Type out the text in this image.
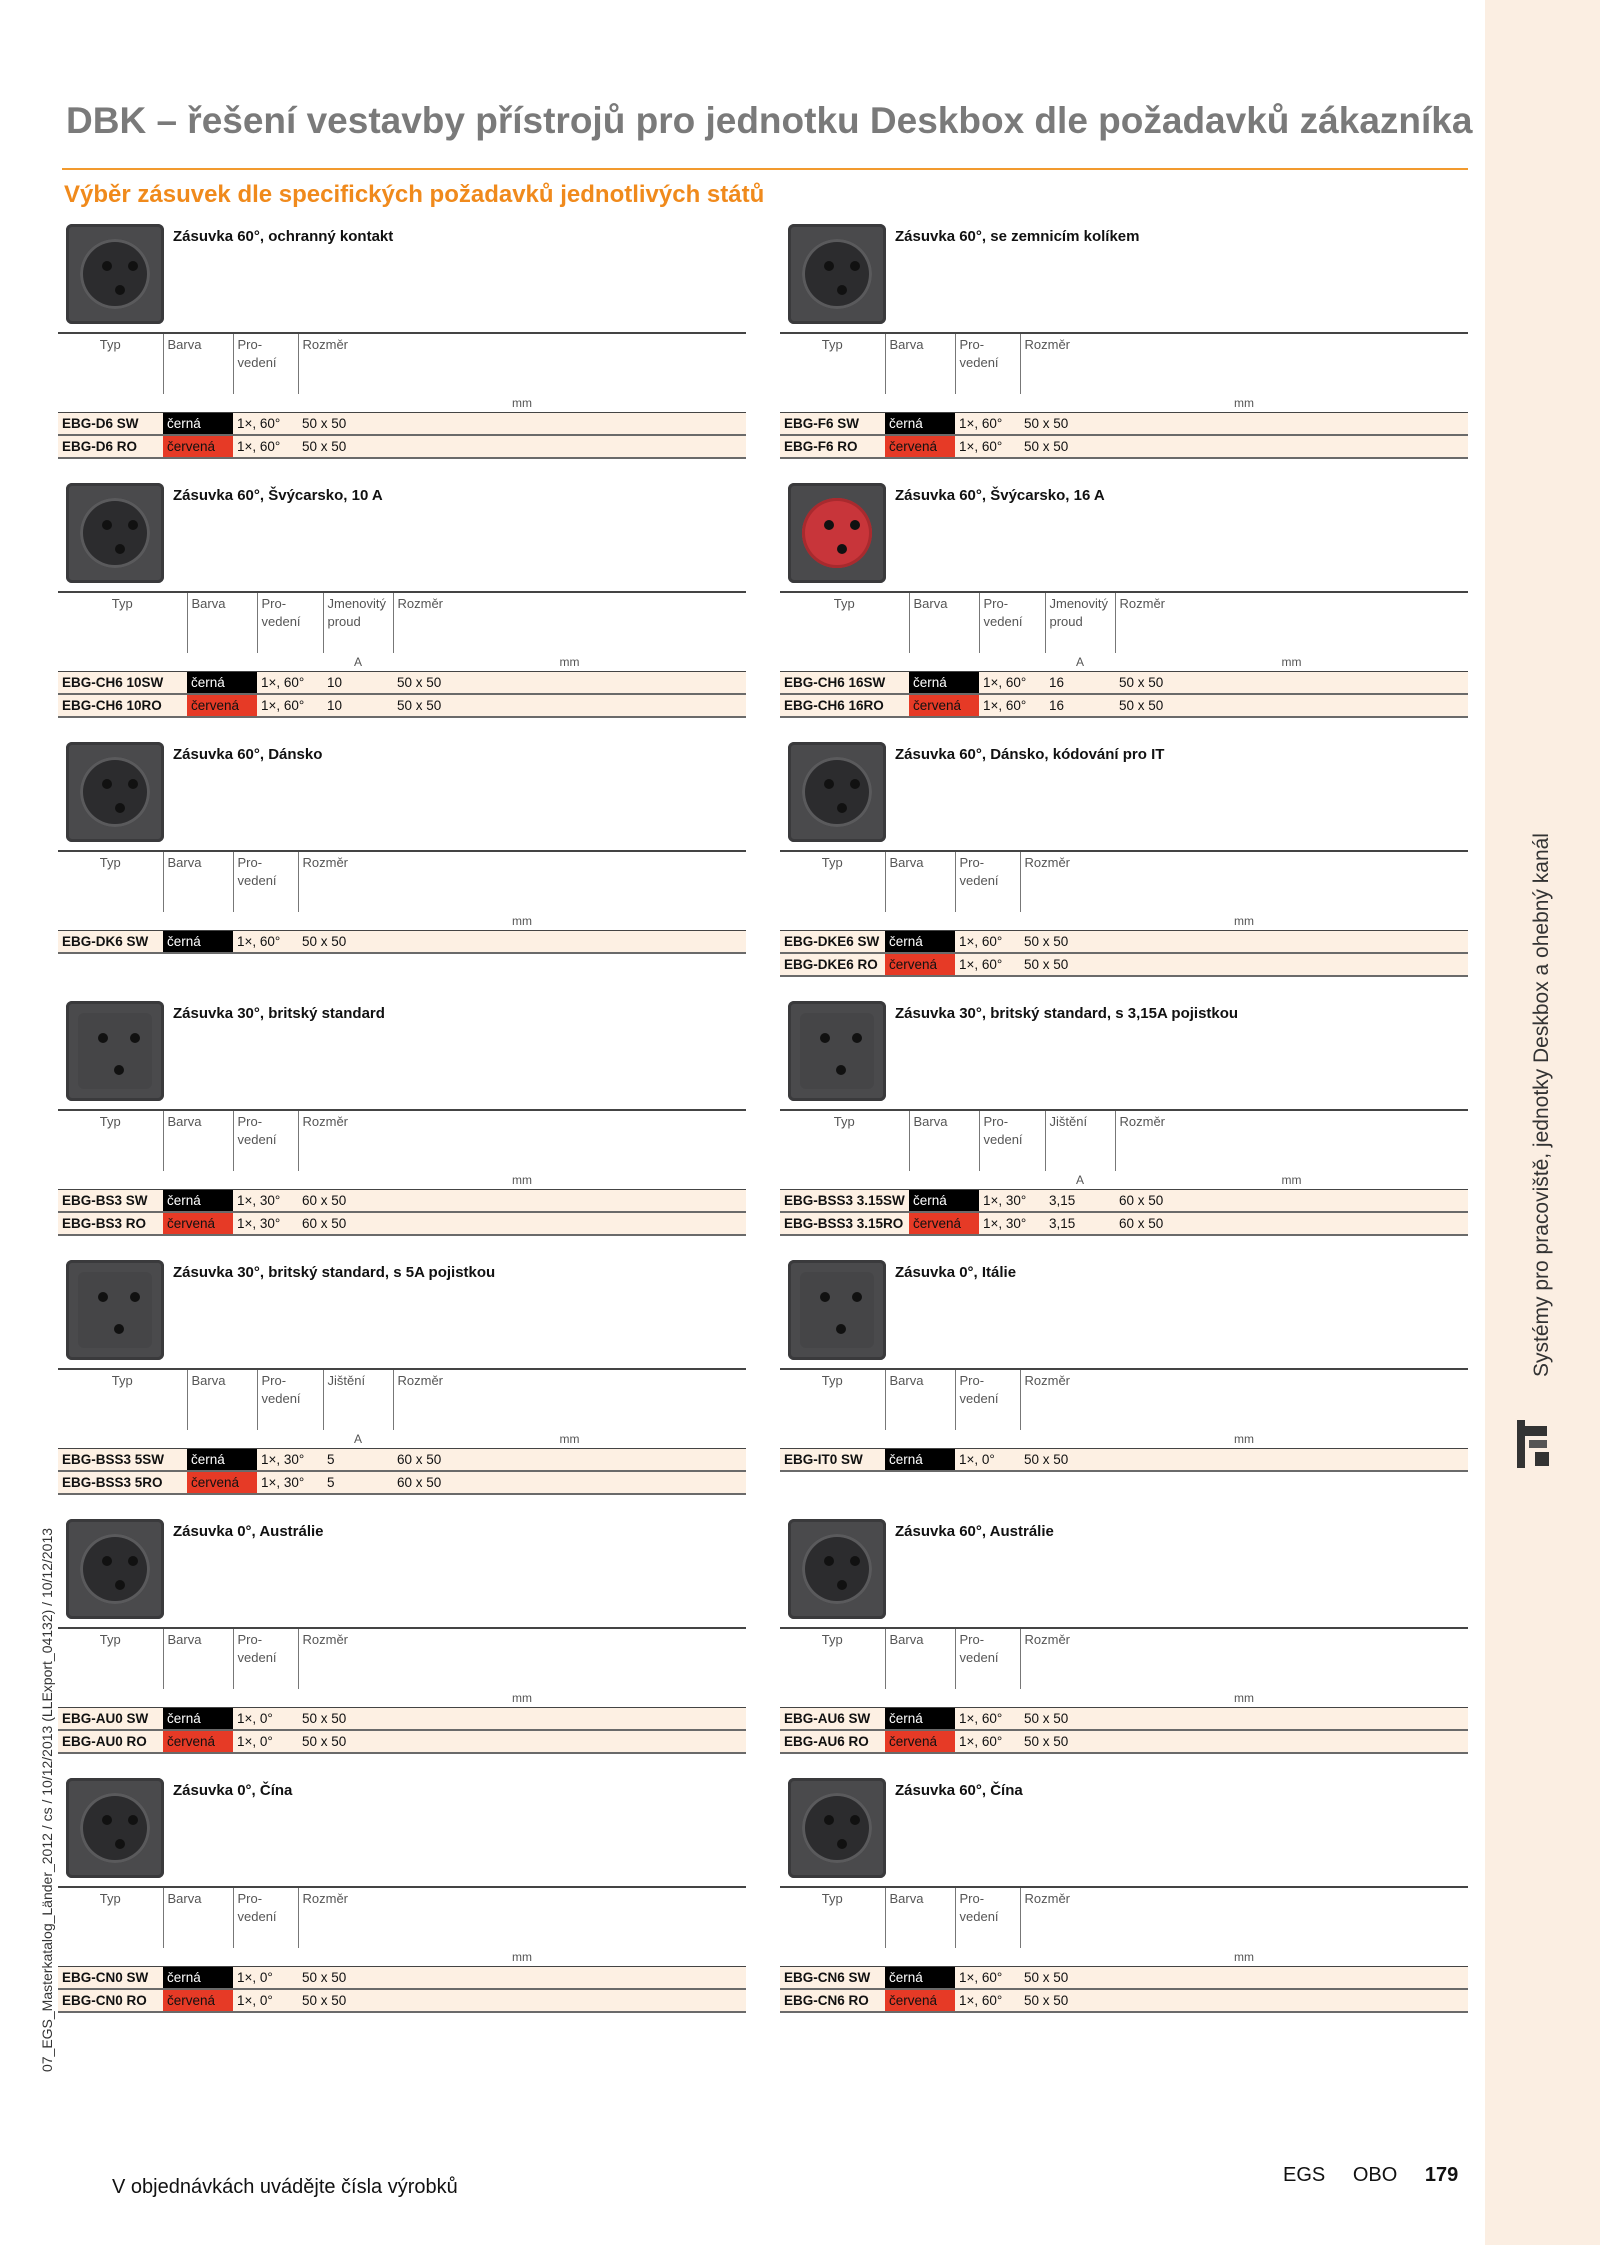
Systémy pro pracoviště, jednotky Deskbox a ohebný kanál
07_EGS_Masterkatalog_Länder_2012 / cs / 10/12/2013 (LLExport_04132) / 10/12/2013
DBK – řešení vestavby přístrojů pro jednotku Deskbox dle požadavků zákazníka
Výběr zásuvek dle specifických požadavků jednotlivých států
Zásuvka 60°, ochranný kontakt
Typ	Barva	Pro-
vedení	Rozměr
			mm
EBG-D6 SW	černá	1×, 60°	50 x 50
EBG-D6 RO	červená	1×, 60°	50 x 50
Zásuvka 60°, se zemnicím kolíkem
Typ	Barva	Pro-
vedení	Rozměr
			mm
EBG-F6 SW	černá	1×, 60°	50 x 50
EBG-F6 RO	červená	1×, 60°	50 x 50
Zásuvka 60°, Švýcarsko, 10 A
Typ	Barva	Pro-
vedení	Jmenovitý
proud	Rozměr
			A	mm
EBG-CH6 10SW	černá	1×, 60°	10	50 x 50
EBG-CH6 10RO	červená	1×, 60°	10	50 x 50
Zásuvka 60°, Švýcarsko, 16 A
Typ	Barva	Pro-
vedení	Jmenovitý
proud	Rozměr
			A	mm
EBG-CH6 16SW	černá	1×, 60°	16	50 x 50
EBG-CH6 16RO	červená	1×, 60°	16	50 x 50
Zásuvka 60°, Dánsko
Typ	Barva	Pro-
vedení	Rozměr
			mm
EBG-DK6 SW	černá	1×, 60°	50 x 50
Zásuvka 60°, Dánsko, kódování pro IT
Typ	Barva	Pro-
vedení	Rozměr
			mm
EBG-DKE6 SW	černá	1×, 60°	50 x 50
EBG-DKE6 RO	červená	1×, 60°	50 x 50
Zásuvka 30°, britský standard
Typ	Barva	Pro-
vedení	Rozměr
			mm
EBG-BS3 SW	černá	1×, 30°	60 x 50
EBG-BS3 RO	červená	1×, 30°	60 x 50
Zásuvka 30°, britský standard, s 3,15A pojistkou
Typ	Barva	Pro-
vedení	Jištění	Rozměr
			A	mm
EBG-BSS3 3.15SW	černá	1×, 30°	3,15	60 x 50
EBG-BSS3 3.15RO	červená	1×, 30°	3,15	60 x 50
Zásuvka 30°, britský standard, s 5A pojistkou
Typ	Barva	Pro-
vedení	Jištění	Rozměr
			A	mm
EBG-BSS3 5SW	černá	1×, 30°	5	60 x 50
EBG-BSS3 5RO	červená	1×, 30°	5	60 x 50
Zásuvka 0°, Itálie
Typ	Barva	Pro-
vedení	Rozměr
			mm
EBG-IT0 SW	černá	1×, 0°	50 x 50
Zásuvka 0°, Austrálie
Typ	Barva	Pro-
vedení	Rozměr
			mm
EBG-AU0 SW	černá	1×, 0°	50 x 50
EBG-AU0 RO	červená	1×, 0°	50 x 50
Zásuvka 60°, Austrálie
Typ	Barva	Pro-
vedení	Rozměr
			mm
EBG-AU6 SW	černá	1×, 60°	50 x 50
EBG-AU6 RO	červená	1×, 60°	50 x 50
Zásuvka 0°, Čína
Typ	Barva	Pro-
vedení	Rozměr
			mm
EBG-CN0 SW	černá	1×, 0°	50 x 50
EBG-CN0 RO	červená	1×, 0°	50 x 50
Zásuvka 60°, Čína
Typ	Barva	Pro-
vedení	Rozměr
			mm
EBG-CN6 SW	černá	1×, 60°	50 x 50
EBG-CN6 RO	červená	1×, 60°	50 x 50
V objednávkách uvádějte čísla výrobků
EGS OBO 179
